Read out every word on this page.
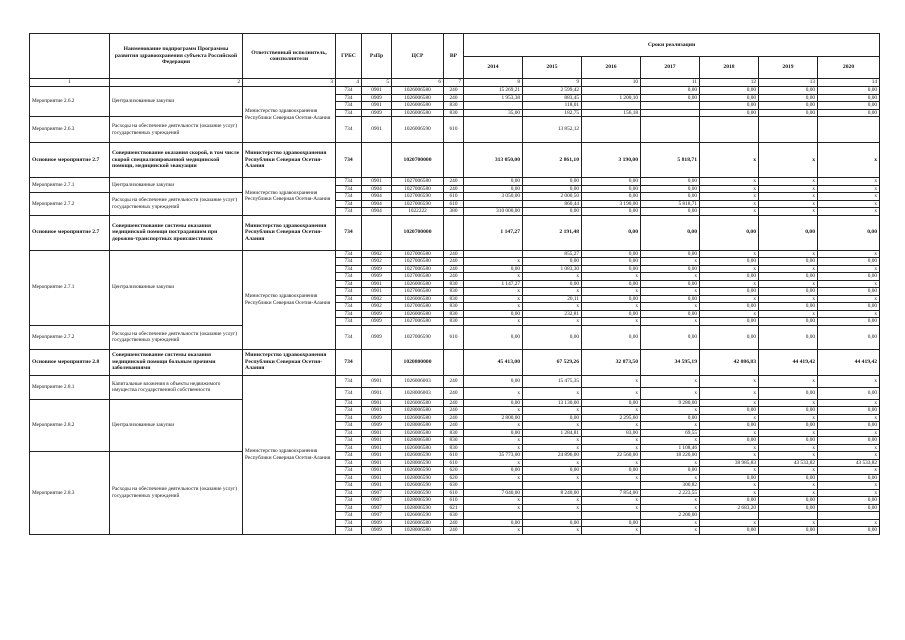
	Наименование подпрограмм Программы развития здравоохранения субъекта Российской Федерации	Ответственный исполнитель, соисполнители	ГРБС	РзПр	ЦСР	ВР	Сроки реализации						
							2014	2015	2016	2017	2018	2019	2020
1	2	3	4	5	6	7	8	9	10	11	12	13	14
Мероприятие 2.6.2	Централизованные закупки	Министерство здравоохранения Республики Северная Осетия-Алания	734	0901	1026006580	240	15 269,21	2 599,42		0,00	0,00	0,00	0,00
			734	0909	1026006580	240	1 953,38	883,45	1 200,10	0,00	0,00	0,00	0,00
			734	0901	1026006580	830		118,01			0,00	0,00	0,00
			734	0909	1026006580	830	35,00	182,75	156,18		0,00	0,00	0,00
Мероприятие 2.6.3	Расходы на обеспечение деятельности (оказание услуг) государственных учреждений		734	0901	1026006590	610		13 852,12					
Основное мероприятие 2.7	Совершенствование оказания скорой, в том числе скорой специализированной медицинской помощи, медицинской эвакуации	Министерство здравоохранения Республики Северная Осетия-Алания	734		1020700000		313 050,00	2 861,10	3 190,00	5 818,71	x	x	x
Мероприятие 2.7.1	Централизованные закупки	Министерство здравоохранения Республики Северная Осетия-Алания	734	0901	1027006580	240	0,00	0,00	0,00	0,00	x	x	x
			734	0904	1027006580	240	0,00	0,00	0,00	0,00	x	x	x
Мероприятие 2.7.2	Расходы на обеспечение деятельности (оказание услуг) государственных учреждений		734	0904	1027006590	610	3 050,00	2 000,50	0,00	0,00	x	x	x
			734	0904	1027006590	610		860,44	3 190,00	5 818,71	x	x	x
			734	0904	1022222	380	310 000,00	0,00	0,00	0,00	x	x	x
Основное мероприятие 2.7	Совершенствование системы оказания медицинской помощи пострадавшим при дорожно-транспортных происшествиях	Министерство здравоохранения Республики Северная Осетия-Алания	734		1020700000		1 147,27	2 191,48	0,00	0,00	0,00	0,00	0,00
Мероприятие 2.7.1	Централизованные закупки	Министерство здравоохранения Республики Северная Осетия-Алания	734	0902	1027006580	240		855,27	0,00	0,00	x	x	x
			734	0902	1027006580	240	x	0,00	0,00	x	0,00	0,00	0,00
			734	0909	1027006580	240	0,00	1 083,30	0,00	0,00	x	x	x
			734	0909	1027006580	240	x	x	x	x	0,00	0,00	0,00
			734	0901	1026006580	830	1 147,27	0,00	0,00	0,00	x	x	x
			734	0901	1027006580	830	x	x	x	x	0,00	0,00	0,00
			734	0902	1026006580	830	x	20,11	0,00	0,00	x	x	x
			734	0902	1027006580	830	x	x	x	x	0,00	0,00	0,00
			734	0909	1026006580	830	0,00	232,81	0,00	0,00	x	x	x
			734	0909	1027006580	830	x	x	x	x	0,00	0,00	0,00
Мероприятие 2.7.2	Расходы на обеспечение деятельности (оказание услуг) государственных учреждений		734	0909	1027006590	610	0,00	0,00	0,00	0,00	0,00	0,00	0,00
Основное мероприятие 2.8	Совершенствование системы оказания медицинской помощи больным прочими заболеваниями	Министерство здравоохранения Республики Северная Осетия-Алания	734		1020800000		45 413,00	67 529,26	32 873,50	34 595,19	42 086,83	44 419,42	44 419,42
Мероприятие 2.8.1	Капитальные вложения в объекты недвижимого имущества государственной собственности	Министерство здравоохранения Республики Северная Осетия-Алания	734	0901	1026006003	240	0,00	15 475,35	x	x	x	x	x
			734	0901	1028006003	240	x	x	x	x	x	0,00	0,00
Мероприятие 2.8.2	Централизованные закупки		734	0901	1026006580	240	0,00	13 130,00	0,00	9 280,00	x	x	x
			734	0901	1028006580	240	x	x	x	x	0,00	0,00	0,00
			734	0909	1026006580	240	2 800,00	0,00	2 295,60	0,00	x	x	x
			734	0909	1028006580	240	x	x	x	x	0,00	0,00	0,00
			734	0901	1026006580	830	0,00	1 284,81	83,00	69,55	x	x	x
			734	0901	1028006580	830	x	x	x	x	0,00	0,00	0,00
			734	0901	1026006580	830	x	x	x	1 108,46	x	x	x
Мероприятие 2.8.3	Расходы на обеспечение деятельности (оказание услуг) государственных учреждений		734	0901	1026006590	610	35 773,00	24 896,00	22 560,00	18 220,00	x	x	x
			734	0901	1028006590	610	x	x	x	x	38 985,83	43 533,82	43 533,82
			734	0901	1026006590	620	0,00	0,00	0,00	0,00	x	x	x
			734	0901	1028006590	620	x	x	x	x	0,00	0,00	0,00
			734	0901	1026006590	630				300,82	x	x	x
			734	0907	1026006590	610	7 040,00	8 240,00	7 854,00	2 223,55	x	x	x
			734	0907	1028006590	610	x	x	x	x	0,00	0,00	0,00
			734	0907	1028006590	621	x	x	x	x	2 683,20	0,00	0,00
			734	0907	1026006590	630				2 200,00			
			734	0909	1026006580	240	0,00	0,00	0,00	x	x	x	x
			734	0909	1028006580	240	x	x	x	x	0,00	0,00	0,00
